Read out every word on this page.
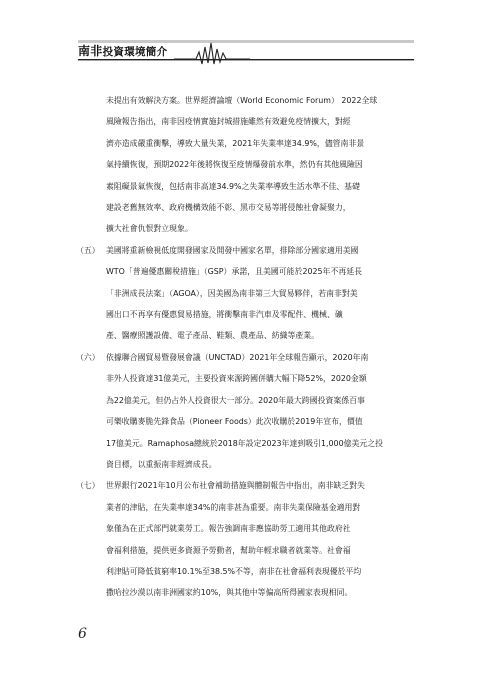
南非投資環境簡介
未提出有效解決方案。世界經濟論壇（World Economic Forum） 2022全球
風險報告指出，南非因疫情實施封城措施雖然有效避免疫情擴大，對經
濟亦造成嚴重衝擊，導致大量失業，2021年失業率達34.9%，儘管南非景
氣持續恢復，預期2022年後將恢復至疫情爆發前水準，然仍有其他風險因
素阻礙景氣恢復，包括南非高達34.9%之失業率導致生活水準不佳、基礎
建設老舊無效率、政府機構效能不彰、黑市交易等將侵蝕社會凝聚力，
擴大社會仇恨對立現象。
（五） 美國將重新檢視低度開發國家及開發中國家名單，排除部分國家適用美國
WTO「普遍優惠關稅措施」（GSP）承諾，且美國可能於2025年不再延長
「非洲成長法案」（AGOA），因美國為南非第三大貿易夥伴，若南非對美
國出口不再享有優惠貿易措施，將衝擊南非汽車及零配件、機械、礦
產、醫療照護設備、電子產品、鞋類、農產品、紡織等產業。
（六） 依據聯合國貿易暨發展會議（UNCTAD）2021年全球報告顯示，2020年南
非外人投資達31億美元，主要投資來源跨國併購大幅下降52%，2020金額
為22億美元，但仍占外人投資很大一部分。2020年最大跨國投資案係百事
可樂收購麥脆先鋒食品（Pioneer Foods）此次收購於2019年宣布，價值
17億美元。Ramaphosa總統於2018年設定2023年達到吸引1,000億美元之投
資目標，以重振南非經濟成長。
（七） 世界銀行2021年10月公布社會補助措施與體制報告中指出，南非缺乏對失
業者的津貼，在失業率達34%的南非甚為重要。南非失業保險基金適用對
象僅為在正式部門就業勞工。報告強調南非應協助勞工適用其他政府社
會福利措施，提供更多資源予勞動者，幫助年輕求職者就業等。社會福
利津貼可降低貧窮率10.1%至38.5%不等，南非在社會福利表現優於平均
撒哈拉沙漠以南非洲國家約10%，與其他中等偏高所得國家表現相同。
6
